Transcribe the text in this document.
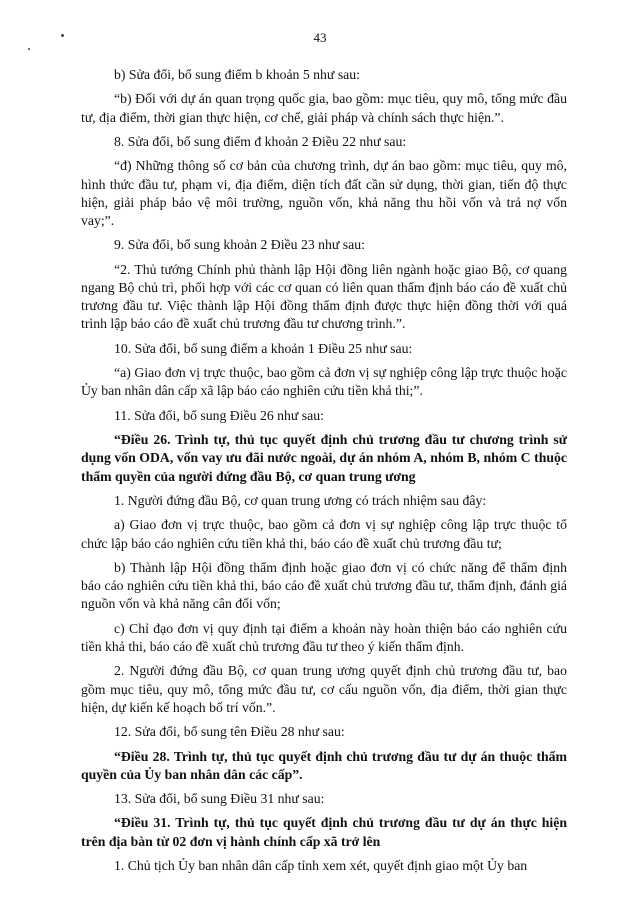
43

b) Sửa đổi, bổ sung điểm b khoản 5 như sau:

“b) Đối với dự án quan trọng quốc gia, bao gồm: mục tiêu, quy mô, tổng mức đầu tư, địa điểm, thời gian thực hiện, cơ chế, giải pháp và chính sách thực hiện.”.

8. Sửa đổi, bổ sung điểm đ khoản 2 Điều 22 như sau:

“đ) Những thông số cơ bản của chương trình, dự án bao gồm: mục tiêu, quy mô, hình thức đầu tư, phạm vi, địa điểm, diện tích đất cần sử dụng, thời gian, tiến độ thực hiện, giải pháp bảo vệ môi trường, nguồn vốn, khả năng thu hồi vốn và trả nợ vốn vay;”.

9. Sửa đổi, bổ sung khoản 2 Điều 23 như sau:

“2. Thủ tướng Chính phủ thành lập Hội đồng liên ngành hoặc giao Bộ, cơ quang ngang Bộ chủ trì, phối hợp với các cơ quan có liên quan thẩm định báo cáo đề xuất chủ trương đầu tư. Việc thành lập Hội đồng thẩm định được thực hiện đồng thời với quá trình lập báo cáo đề xuất chủ trương đầu tư chương trình.”.

10. Sửa đổi, bổ sung điểm a khoản 1 Điều 25 như sau:

“a) Giao đơn vị trực thuộc, bao gồm cả đơn vị sự nghiệp công lập trực thuộc hoặc Ủy ban nhân dân cấp xã lập báo cáo nghiên cứu tiền khả thi;”.

11. Sửa đổi, bổ sung Điều 26 như sau:

“Điều 26. Trình tự, thủ tục quyết định chủ trương đầu tư chương trình sử dụng vốn ODA, vốn vay ưu đãi nước ngoài, dự án nhóm A, nhóm B, nhóm C thuộc thẩm quyền của người đứng đầu Bộ, cơ quan trung ương

1. Người đứng đầu Bộ, cơ quan trung ương có trách nhiệm sau đây:

a) Giao đơn vị trực thuộc, bao gồm cả đơn vị sự nghiệp công lập trực thuộc tổ chức lập báo cáo nghiên cứu tiền khả thi, báo cáo đề xuất chủ trương đầu tư;

b) Thành lập Hội đồng thẩm định hoặc giao đơn vị có chức năng để thẩm định báo cáo nghiên cứu tiền khả thi, báo cáo đề xuất chủ trương đầu tư, thẩm định, đánh giá nguồn vốn và khả năng cân đối vốn;

c) Chỉ đạo đơn vị quy định tại điểm a khoản này hoàn thiện báo cáo nghiên cứu tiền khả thi, báo cáo đề xuất chủ trương đầu tư theo ý kiến thẩm định.

2. Người đứng đầu Bộ, cơ quan trung ương quyết định chủ trương đầu tư, bao gồm mục tiêu, quy mô, tổng mức đầu tư, cơ cấu nguồn vốn, địa điểm, thời gian thực hiện, dự kiến kế hoạch bố trí vốn.”.

12. Sửa đổi, bổ sung tên Điều 28 như sau:

“Điều 28. Trình tự, thủ tục quyết định chủ trương đầu tư dự án thuộc thẩm quyền của Ủy ban nhân dân các cấp”.

13. Sửa đổi, bổ sung Điều 31 như sau:

“Điều 31. Trình tự, thủ tục quyết định chủ trương đầu tư dự án thực hiện trên địa bàn từ 02 đơn vị hành chính cấp xã trở lên

1. Chủ tịch Ủy ban nhân dân cấp tỉnh xem xét, quyết định giao một Ủy ban
